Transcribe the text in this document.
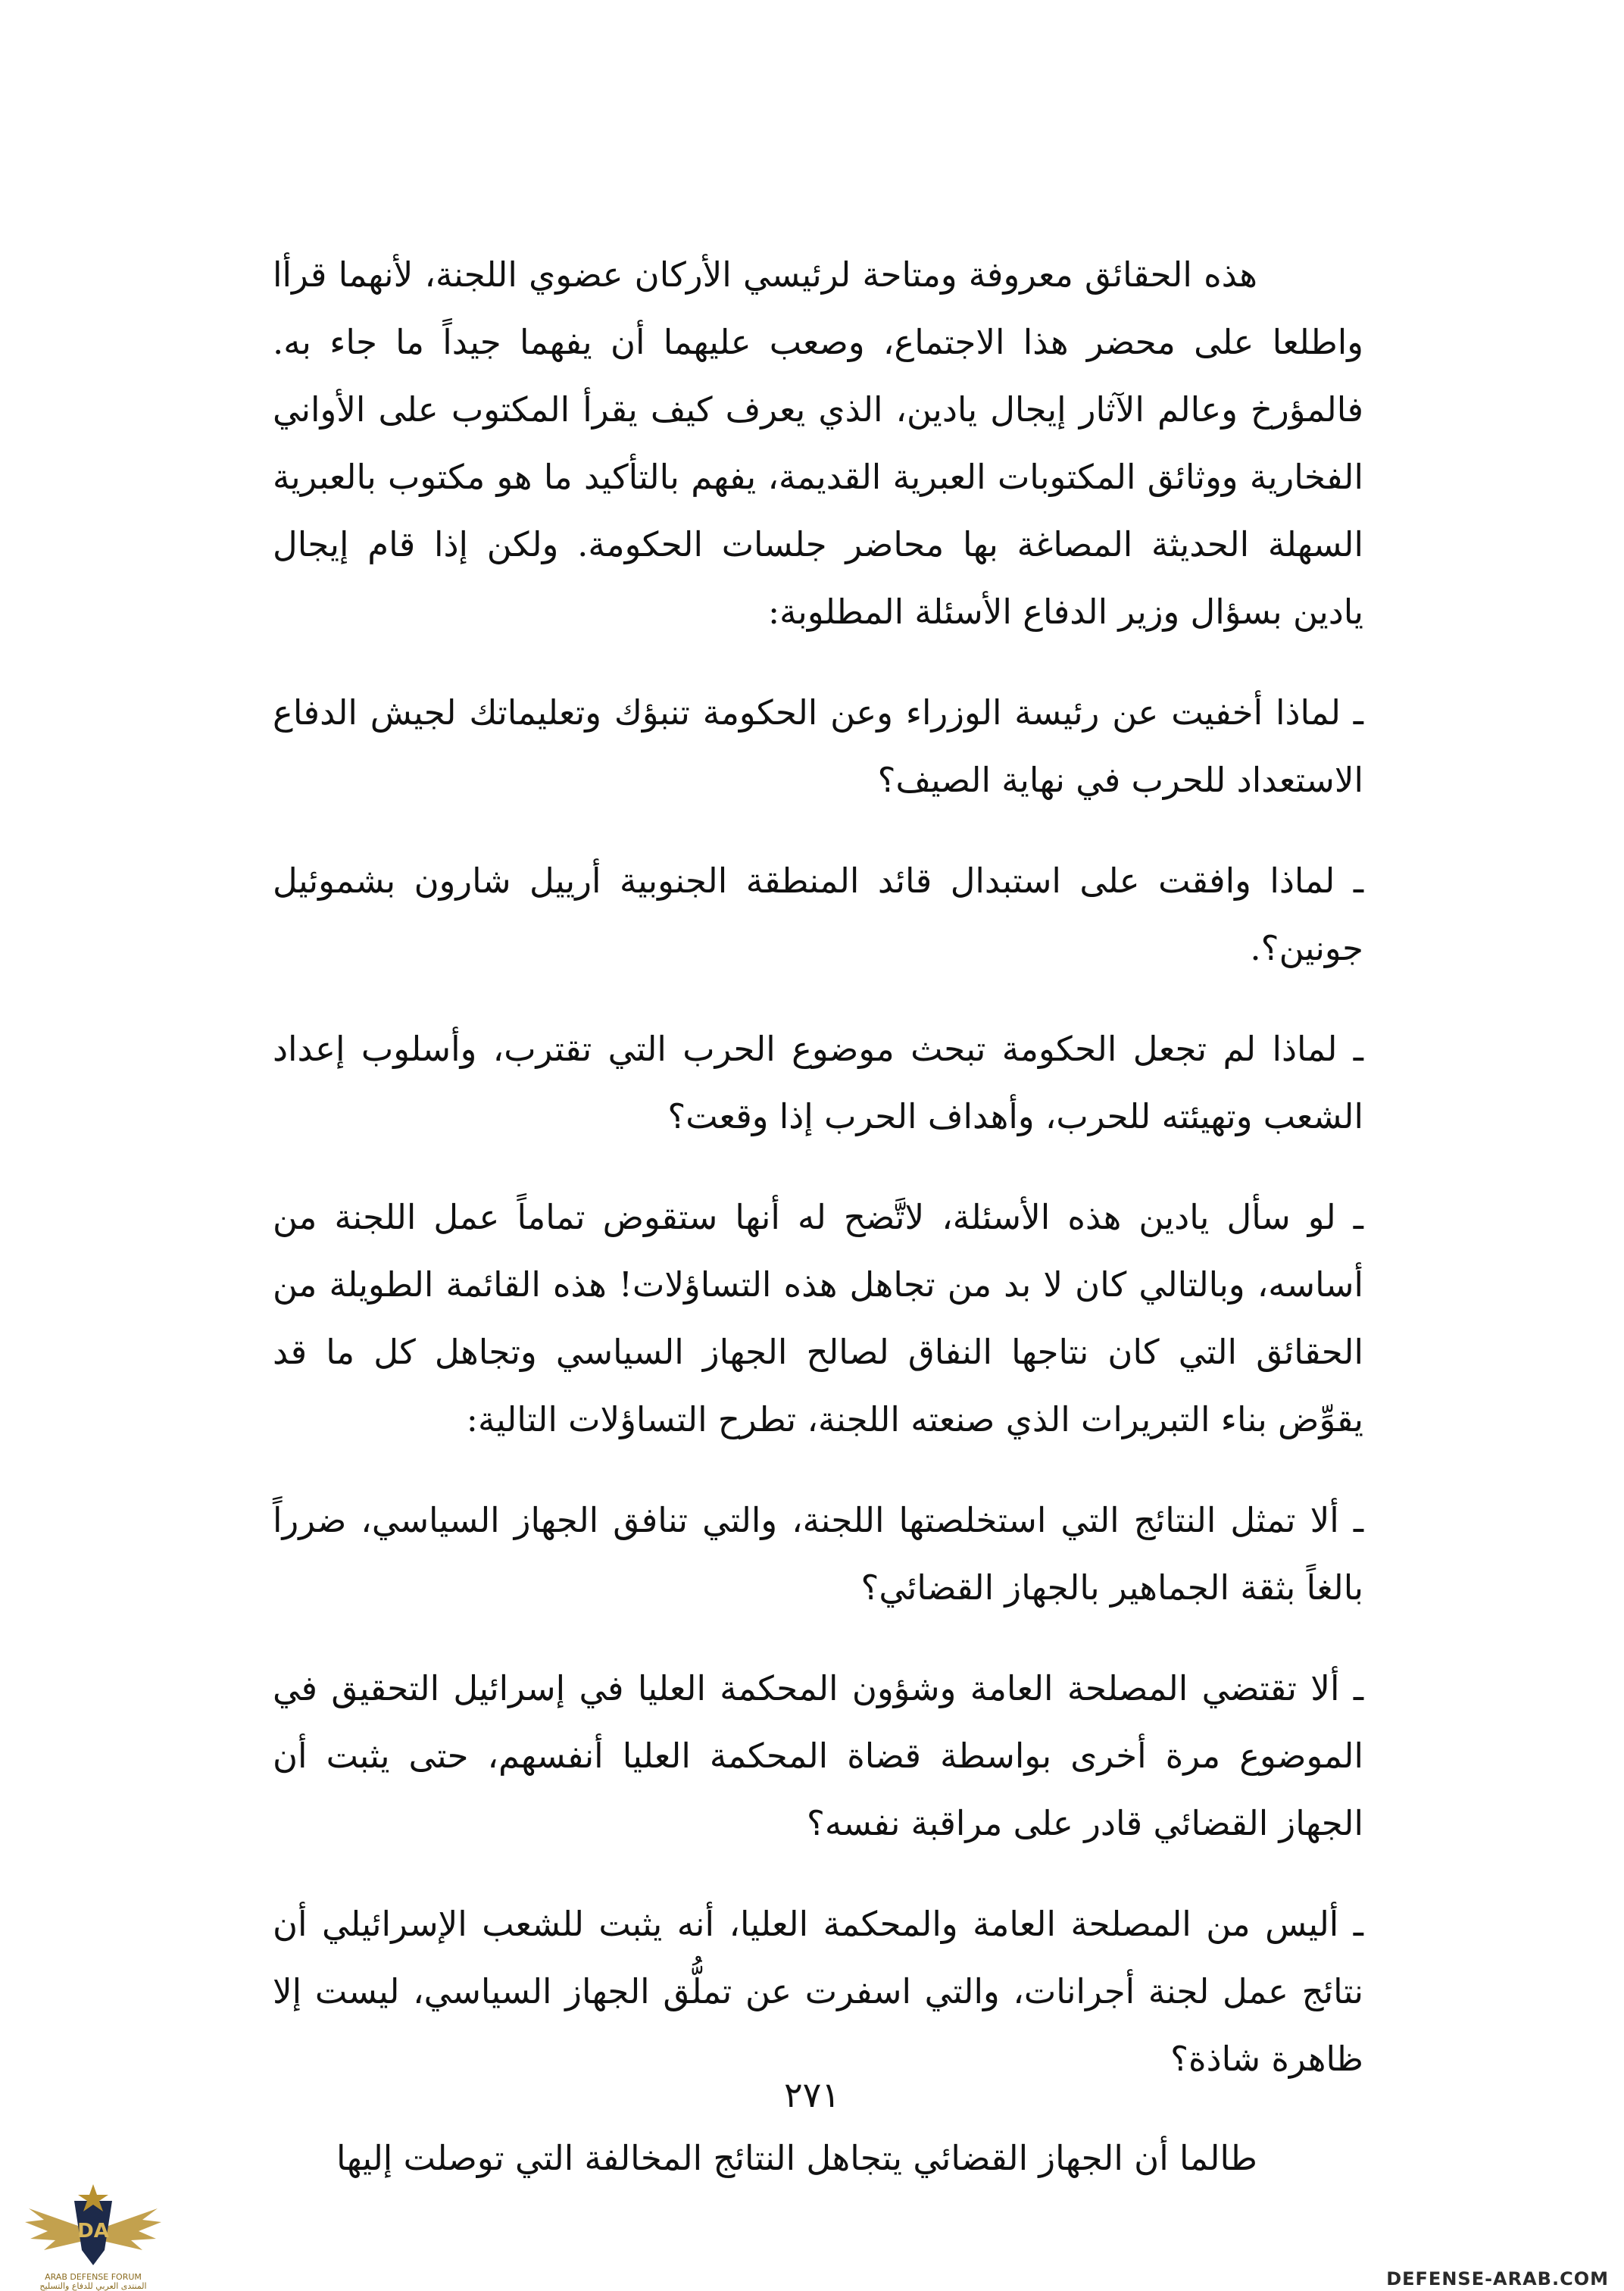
هذه الحقائق معروفة ومتاحة لرئيسي الأركان عضوي اللجنة، لأنهما قرأا واطلعا على محضر هذا الاجتماع، وصعب عليهما أن يفهما جيداً ما جاء به. فالمؤرخ وعالم الآثار إيجال يادين، الذي يعرف كيف يقرأ المكتوب على الأواني الفخارية ووثائق المكتوبات العبرية القديمة، يفهم بالتأكيد ما هو مكتوب بالعبرية السهلة الحديثة المصاغة بها محاضر جلسات الحكومة. ولكن إذا قام إيجال يادين بسؤال وزير الدفاع الأسئلة المطلوبة:

ـ لماذا أخفيت عن رئيسة الوزراء وعن الحكومة تنبؤك وتعليماتك لجيش الدفاع الاستعداد للحرب في نهاية الصيف؟

ـ لماذا وافقت على استبدال قائد المنطقة الجنوبية أرييل شارون بشموئيل جونين؟.

ـ لماذا لم تجعل الحكومة تبحث موضوع الحرب التي تقترب، وأسلوب إعداد الشعب وتهيئته للحرب، وأهداف الحرب إذا وقعت؟

ـ لو سأل يادين هذه الأسئلة، لاتَّضح له أنها ستقوض تماماً عمل اللجنة من أساسه، وبالتالي كان لا بد من تجاهل هذه التساؤلات! هذه القائمة الطويلة من الحقائق التي كان نتاجها النفاق لصالح الجهاز السياسي وتجاهل كل ما قد يقوِّض بناء التبريرات الذي صنعته اللجنة، تطرح التساؤلات التالية:

ـ ألا تمثل النتائج التي استخلصتها اللجنة، والتي تنافق الجهاز السياسي، ضرراً بالغاً بثقة الجماهير بالجهاز القضائي؟

ـ ألا تقتضي المصلحة العامة وشؤون المحكمة العليا في إسرائيل التحقيق في الموضوع مرة أخرى بواسطة قضاة المحكمة العليا أنفسهم، حتى يثبت أن الجهاز القضائي قادر على مراقبة نفسه؟

ـ أليس من المصلحة العامة والمحكمة العليا، أنه يثبت للشعب الإسرائيلي أن نتائج عمل لجنة أجرانات، والتي اسفرت عن تملُّق الجهاز السياسي، ليست إلا ظاهرة شاذة؟

طالما أن الجهاز القضائي يتجاهل النتائج المخالفة التي توصلت إليها

٢٧١
DA
ARAB DEFENSE FORUM
المنتدى العربي للدفاع والتسليح	DEFENSE-ARAB.COM
